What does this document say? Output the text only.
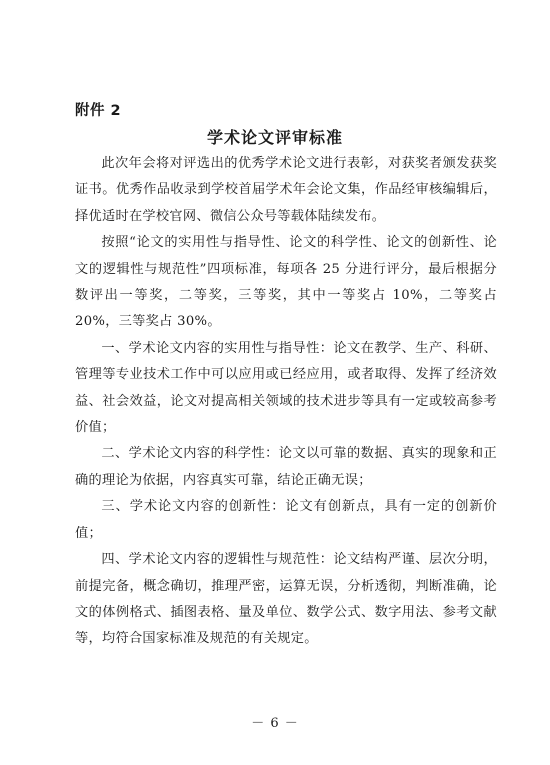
附件 2
学术论文评审标准

此次年会将对评选出的优秀学术论文进行表彰，对获奖者颁发获奖证书。优秀作品收录到学校首届学术年会论文集，作品经审核编辑后，择优适时在学校官网、微信公众号等载体陆续发布。

按照“论文的实用性与指导性、论文的科学性、论文的创新性、论文的逻辑性与规范性”四项标准，每项各 25 分进行评分，最后根据分数评出一等奖，二等奖，三等奖，其中一等奖占 10%，二等奖占 20%，三等奖占 30%。

一、学术论文内容的实用性与指导性：论文在教学、生产、科研、管理等专业技术工作中可以应用或已经应用，或者取得、发挥了经济效益、社会效益，论文对提高相关领域的技术进步等具有一定或较高参考价值；

二、学术论文内容的科学性：论文以可靠的数据、真实的现象和正确的理论为依据，内容真实可靠，结论正确无误；

三、学术论文内容的创新性：论文有创新点，具有一定的创新价值；

四、学术论文内容的逻辑性与规范性：论文结构严谨、层次分明，前提完备，概念确切，推理严密，运算无误，分析透彻，判断准确，论文的体例格式、插图表格、量及单位、数学公式、数字用法、参考文献等，均符合国家标准及规范的有关规定。

－ 6 －
